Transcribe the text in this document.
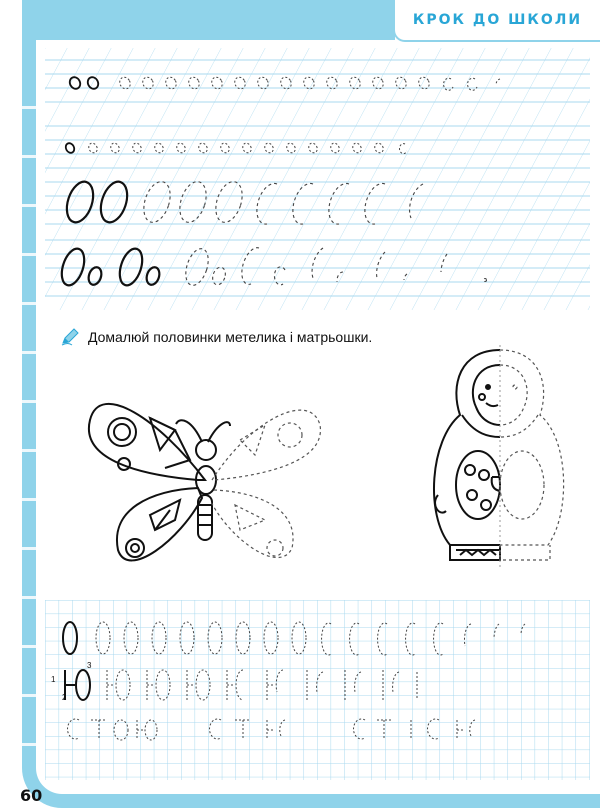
КРОК ДО ШКОЛИ
Домалюй половинки метелика і матрьошки.
1
2
3
60
